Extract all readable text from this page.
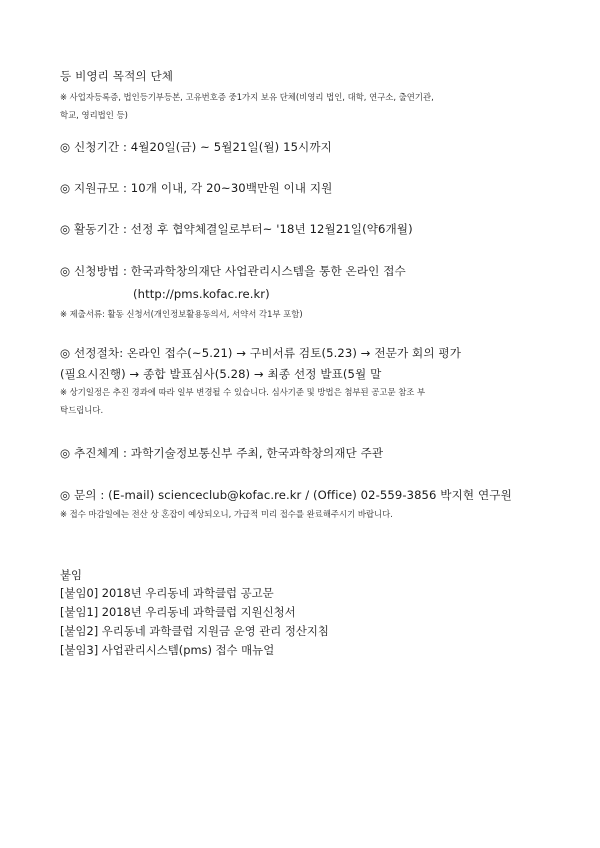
등 비영리 목적의 단체
※ 사업자등록증, 법인등기부등본, 고유번호증 중1가지 보유 단체(비영리 법인, 대학, 연구소, 출연기관,
학교, 영리법인 등)
◎ 신청기간 : 4월20일(금) ~ 5월21일(월) 15시까지
◎ 지원규모 : 10개 이내, 각 20~30백만원 이내 지원
◎ 활동기간 : 선정 후 협약체결일로부터~ '18년 12월21일(약6개월)
◎ 신청방법 : 한국과학창의재단 사업관리시스템을 통한 온라인 접수
(http://pms.kofac.re.kr)
※ 제출서류: 활동 신청서(개인정보활용동의서, 서약서 각1부 포함)
◎ 선정절차: 온라인 접수(~5.21) → 구비서류 검토(5.23) → 전문가 회의 평가
(필요시진행) → 종합 발표심사(5.28) → 최종 선정 발표(5월 말
※ 상기일정은 추진 경과에 따라 일부 변경될 수 있습니다. 심사기준 및 방법은 첨부된 공고문 참조 부
탁드립니다.
◎ 추진체계 : 과학기술정보통신부 주최, 한국과학창의재단 주관
◎ 문의 : (E-mail) scienceclub@kofac.re.kr / (Office) 02-559-3856 박지현 연구원
※ 접수 마감일에는 전산 상 혼잡이 예상되오니, 가급적 미리 접수를 완료해주시기 바랍니다.
붙임
[붙임0] 2018년 우리동네 과학클럽 공고문
[붙임1] 2018년 우리동네 과학클럽 지원신청서
[붙임2] 우리동네 과학클럽 지원금 운영 관리 정산지침
[붙임3] 사업관리시스템(pms) 접수 매뉴얼
